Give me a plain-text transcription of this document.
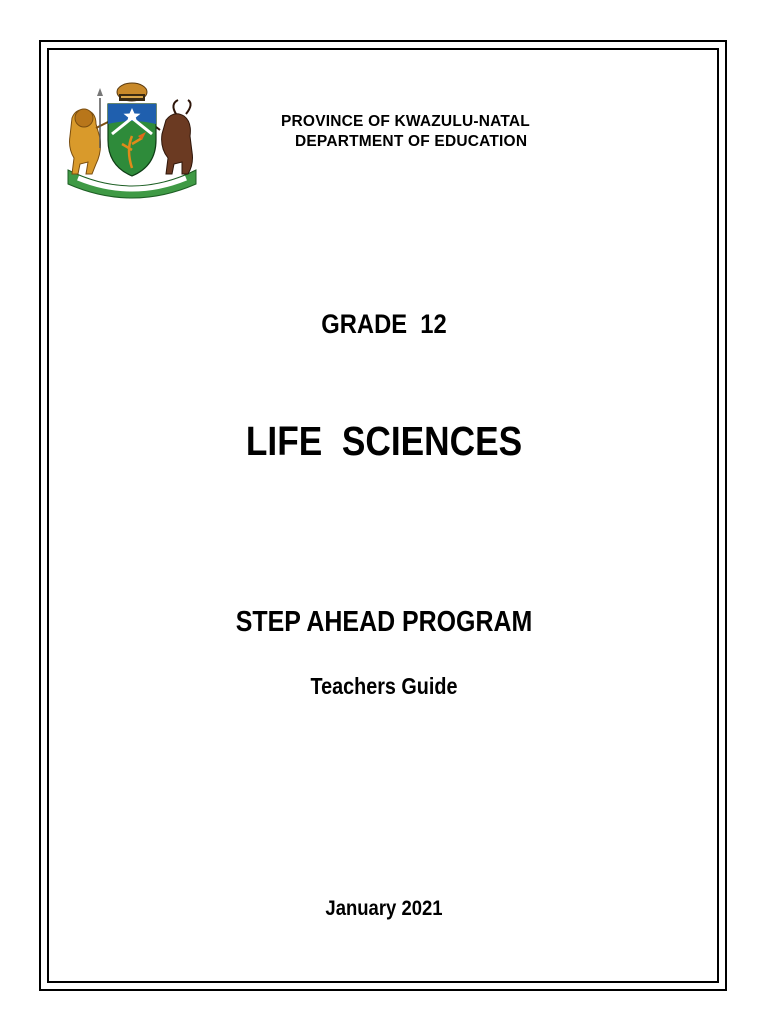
PROVINCE OF KWAZULU-NATAL
DEPARTMENT OF EDUCATION
GRADE  12
LIFE  SCIENCES
STEP AHEAD PROGRAM
Teachers Guide
January 2021
